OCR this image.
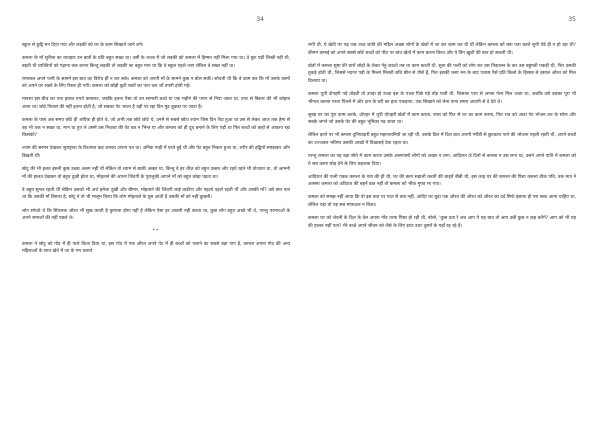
34

स्कूल से छुट्टि मन दिया गया और लड़की को घर के काम सिखाये जाने लगे।

कमला के माँ सुरीला का व्यवहार उन बातों के प्रति बहुत सख्त था। उसी के जज़्ब में जो लड़की को कमला में हिम्मत नहीं मिला गया था। वे छूट पढ़ी लिखी नहीं थी, बहती थी व्यक्तियों को पढ़ाना कब करना किन्तु लड़की तो लड़की का बहुत मान था कि वे स्कूल पहले जाए लेकिन वे सख्त नहीं था।

रामलाल अपने पत्नी के सामने इस बात का विरोध हीं न कर सके। कमला को अपनी माँ के सामने कुछ न बोल सकी। सोचती थी कि वे काम कर कि माँ उसके कामों को अपने घर रखने के लिए रिस्ता ही गयी। कमला को छोड़ी छूटी बातों का पता चल जाँ वपनी होती गई।

मानसा इस बीच का पता हवाश रुपये कमाकर, जबकि इतना पैसा तो उन सामानी बच्चे या एक महीने की पगार से निपा जाता था, उपर से बिस्तर की भी कोइया आना था। छोटे निवास की नहीं इतना होती है, जो सबका पेट भरता है वही पर रहा दिन मुड बुक्का पर जाता है।

कमला के पास अब समय छोटे ही अधिक ही होते थे, जो अभी तक छोटे छोटे थे, उनमें से सबसे छोटा श्याम जिस दिन पैदा हुआ था उस से लेकर आज तक हेमा से वह भी तक न सख्त था, मान था हुए ले उसमें उस निचका की पेट बत न भिन्त या और कमला को ही दूध बनाने के लिए पड़ी था फिर बच्चों को कहाँ से आवश्य रहा किसको?

श्याम की सरमन देखकर सुराष्ट्रावा के रिश्तमत कह जनका अपना पत था। अनिक गाड़ी में घरते हुई थी और पेट बहुत निकल हुआ था, शरीर की हड्डियाँ समझकर आँग डिखती थीं।

छोटू की भी हलत इसनी कुछ उच्छा अलग नहीं थी लेकिन वो श्याम से बाकी अच्छा था, किन्तु वे हर चीज़ को बहुत उत्सव और रहते रहते भी तोजाता था, तो आमनी माँ की हालत देखकर वो बहुत दुखी होता था, मोहताने की अपना जिंदगी के पूरालुकी आपने माँ को बहुत छोड़ा पड़ता था।

वे बहुत सुन्दर रहती थीं लेकिन उसको भी अर्थ हमेशा दुखी और बीमार, मोहताने की जिंदगी लाई वाढीया और पहलो पहले रहती थीं और उसकी माँ? उसे क्या पता था कि उसकी माँ बिमारा है, छोटू ने तो भी मालूम किया कि लोग मोहताले के घुस आती है उसकी माँ को नहीं कुछती।

लोग सोचते थे कि सिंपलक औरत भी सुख करती है कुमरता होगा नहीं है लेकिन ऐसा हर आदमी नहीं करता था, कुछ लोग बहुत अच्छे भी थे, परन्तु परम्परओं के अपने समाजों की नहीं पछते थे।

**

कमला ने छोटू को गोद में ही पाले किता दिया था, इस गोद में एक औरत अपने पेट में ही बच्चों को पलाने का सबसे बड़ा पाप है, कमला अपना गोद की अन्य महिलाओं के साथ खेते में जा के गम चलाते

35

लगी थी, ये खेती पर पड़ जब उच्च जाति की महिल अच्छा लोगों के खेतों में जा कर काम कर दी थीं लेकिन कमला को क्या पता करते सुनी पेंडे ही न हो रहा थी? कीमन कमाई को अपने सबसे छोटे बच्चों को पीठ पर बांध खेतों में काम करना किया और ये तिंग ख़ुशी की बात हो सकती थी।

खेतों में कमला सुमा की चारों लोहों के लेकर गेहूं काटते तब था काम करती थी, सुना की पत्नी को लोग कर उस निकालन के कर उस बहुमती पकड़ी थी, फिर उसकी तुकड़े होती थी, जिससे मदगर पड़ी के मिलने मिलती बचि छीन से तीसे हैं, फिर इसकी कमा मन के बाद पचास पैसे प्रति किलो के हिसाब से हसाल औरत को मिल दिलाया था।

कमला धूपी दोपहरी पड़े तोड़ती तो उपड़ा हो उच्चा इस के पच्चा पिछे पड़े तोड़ पाती थी, जिसका पारा से अपना पेल्प मिल जाता था, जबकि उसे उसका पूरा भी भीगता बताना परता पिलने में और दान के घरी का हाथ पकड़ाया, एक सिखाने को लेना पाना समय आदमी से दे देते थे।

सुबह घर का पूरा काम करके, दोपहर में धूपी दोपहरी खेतों में काम करता, रास्त को फिर से घर का काम करना, फिर रात को आदा पेट भोजन कर के सोना और सबके जगने जो उसके पेट की बहुत भूमिका पड़ जाता था।

लेकिन इतने पर भी कमला दुनियादारी बहुत महानतानियों जा रही थी, उसके दिल में दिल बात अपनी गरीबी से छुटकारा पाने की भोजना पहली रहती थी, अपने बच्चों का उज्जवल भविष्य उसकी आखों में दिखलाई देता रहता था।

परन्तु कमला का यह बड़ा सोते में काम करता उसके आसपासों लोगों को अच्छा न लगा, आदिरात जे दिनों से कमला न उस लगा था, उसने अपने पाति में कमला को ये सब कामा छोड़ देने के लिए कहलवा दिया।

आदिरात की पत्नी पक्क कमला के गांव की ही थी, घर की काम सहाली करतीं की चाहतें बीबी थी, इस तरह घर की कमला की पिसा कमला ठीक पति, उक मात्र ने आसमा कमला को अदिरात की बहनें बात नहीं तो कमला को भीक मुफ्त भा गया।

कमला को समझ नहीं आया कि वो इस बात पर पदर से क्या नहीं, आदिर घर बुढ़ा एक औरत की औरत को औरत का दर्द सिर्फ इंसाफ ही परा सत्ता आना चाहिए था, लेकिन यहा तो यह सब माफ़ज़ल न किया।

कमला घर को जेवनी के दिल के वेल अपना गाँव तरफ पिछा हो रही थी, बोलो, 'कुछ दवा रे जब आप ये यह बात तो आप उन्नी कुछ न कह करेंगे? आप को भी यह की हालत नहीं पता? मेरे बच्चे अपने जीवन को जैसे के लिए इधर उधर दुसरों के यहाँ रह रहे हैं।
